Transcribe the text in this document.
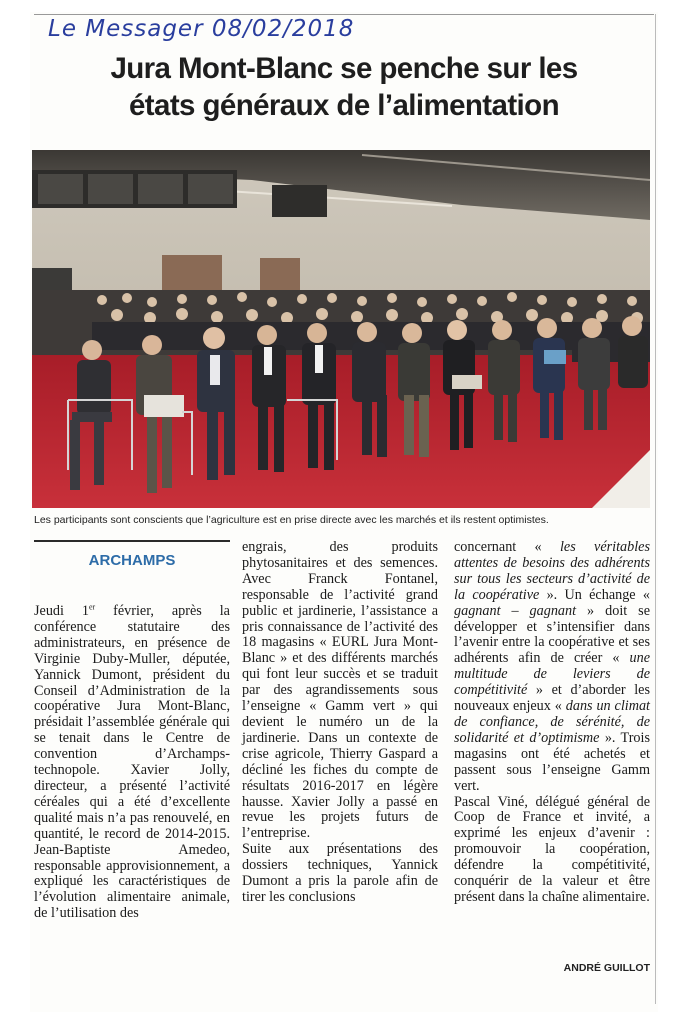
Le Messager 08/02/2018
Jura Mont-Blanc se penche sur les
états généraux de l’alimentation
Les participants sont conscients que l’agriculture est en prise directe avec les marchés et ils restent optimistes.
ARCHAMPS

Jeudi 1er février, après la conférence statutaire des administrateurs, en présence de Virginie Duby-Muller, députée, Yannick Dumont, président du Conseil d’Administration de la coopérative Jura Mont-Blanc, présidait l’assemblée générale qui se tenait dans le Centre de convention d’Archamps-technopole. Xavier Jolly, directeur, a présenté l’activité céréales qui a été d’excellente qualité mais n’a pas renouvelé, en quantité, le record de 2014-2015. Jean-Baptiste Amedeo, responsable approvisionnement, a expliqué les caractéristiques de l’évolution alimentaire animale, de l’utilisation des

engrais, des produits phytosanitaires et des semences. Avec Franck Fontanel, responsable de l’activité grand public et jardinerie, l’assistance a pris connaissance de l’activité des 18 magasins « EURL Jura Mont-Blanc » et des différents marchés qui font leur succès et se traduit par des agrandissements sous l’enseigne « Gamm vert » qui devient le numéro un de la jardinerie. Dans un contexte de crise agricole, Thierry Gaspard a décliné les fiches du compte de résultats 2016-2017 en légère hausse. Xavier Jolly a passé en revue les projets futurs de l’entreprise.

Suite aux présentations des dossiers techniques, Yannick Dumont a pris la parole afin de tirer les conclusions

concernant « les véritables attentes de besoins des adhérents sur tous les secteurs d’activité de la coopérative ». Un échange « gagnant – gagnant » doit se développer et s’intensifier dans l’avenir entre la coopérative et ses adhérents afin de créer « une multitude de leviers de compétitivité » et d’aborder les nouveaux enjeux « dans un climat de confiance, de sérénité, de solidarité et d’optimisme ». Trois magasins ont été achetés et passent sous l’enseigne Gamm vert.

Pascal Viné, délégué général de Coop de France et invité, a exprimé les enjeux d’avenir : promouvoir la coopération, défendre la compétitivité, conquérir de la valeur et être présent dans la chaîne alimentaire.

ANDRÉ GUILLOT
